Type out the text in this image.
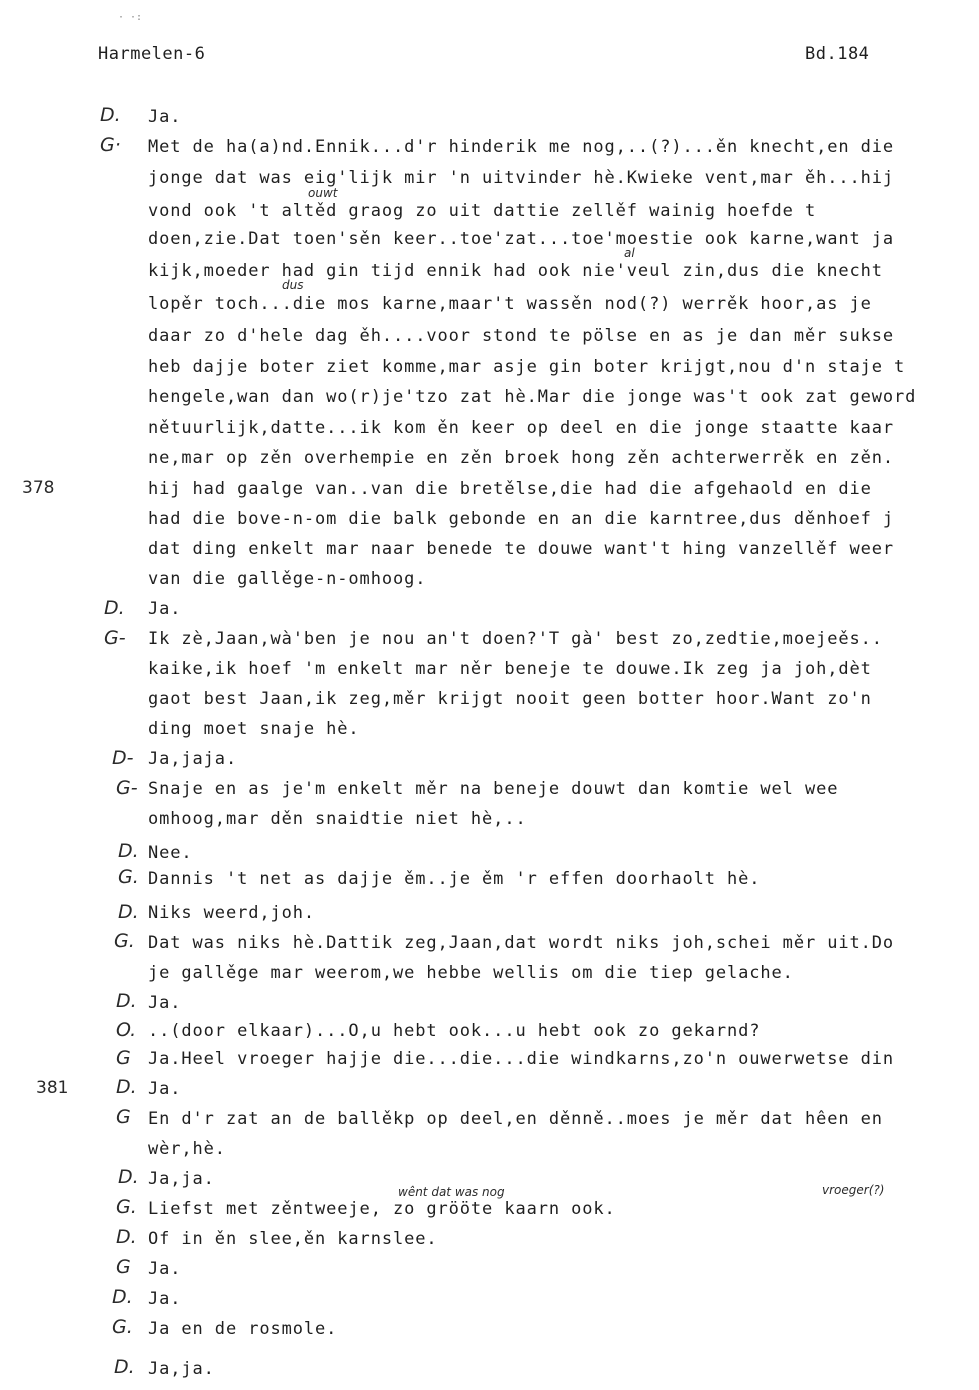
· ·:
Harmelen-6	Bd.184
D.
G·
D.
G-
D-
G-
D.
G.
D.
G.
D.
O.
G
D.
G
D.
G.
D.
G
D.
G.
D.
378
381
ouwt
al
dus
wênt dat was nog	vroeger(?)
Ja.
Met de ha(a)nd.Ennik...d'r hinderik me nog,..(?)...ěn knecht,en die
jonge dat was eig'lijk mir 'n uitvinder hè.Kwieke vent,mar ěh...hij
vond ook 't altěd graog zo uit dattie zellěf wainig hoefde t
doen,zie.Dat toen'sěn keer..toe'zat...toe'moestie ook karne,want ja
kijk,moeder had gin tijd ennik had ook nie'veul zin,dus die knecht
lopěr toch...die mos karne,maar't wassěn nod(?) werrěk hoor,as je
daar zo d'hele dag ěh....voor stond te pölse en as je dan měr sukse
heb dajje boter ziet komme,mar asje gin boter krijgt,nou d'n staje t
hengele,wan dan wo(r)je'tzo zat hè.Mar die jonge was't ook zat geword
nětuurlijk,datte...ik kom ěn keer op deel en die jonge staatte kaar
ne,mar op zěn overhempie en zěn broek hong zěn achterwerrěk en zěn.
hij had gaalge van..van die bretělse,die had die afgehaold en die
had die bove-n-om die balk gebonde en an die karntree,dus děnhoef j
dat ding enkelt mar naar benede te douwe want't hing vanzellěf weer
van die gallěge-n-omhoog.
Ja.
Ik zè,Jaan,wà'ben je nou an't doen?'T gà' best zo,zedtie,moejeěs..
kaike,ik hoef 'm enkelt mar něr beneje te douwe.Ik zeg ja joh,dèt
gaot best Jaan,ik zeg,měr krijgt nooit geen botter hoor.Want zo'n
ding moet snaje hè.
Ja,jaja.
Snaje en as je'm enkelt měr na beneje douwt dan komtie wel wee
omhoog,mar děn snaidtie niet hè,..
Nee.
Dannis 't net as dajje ěm..je ěm 'r effen doorhaolt hè.
Niks weerd,joh.
Dat was niks hè.Dattik zeg,Jaan,dat wordt niks joh,schei měr uit.Do
je gallěge mar weerom,we hebbe wellis om die tiep gelache.
Ja.
..(door elkaar)...O,u hebt ook...u hebt ook zo gekarnd?
Ja.Heel vroeger hajje die...die...die windkarns,zo'n ouwerwetse din
Ja.
En d'r zat an de ballěkp op deel,en děnně..moes je měr dat hêen en
wèr,hè.
Ja,ja.
Liefst met zěntweeje, zo grööte kaarn ook.
Of in ěn slee,ěn karnslee.
Ja.
Ja.
Ja en de rosmole.
Ja,ja.
